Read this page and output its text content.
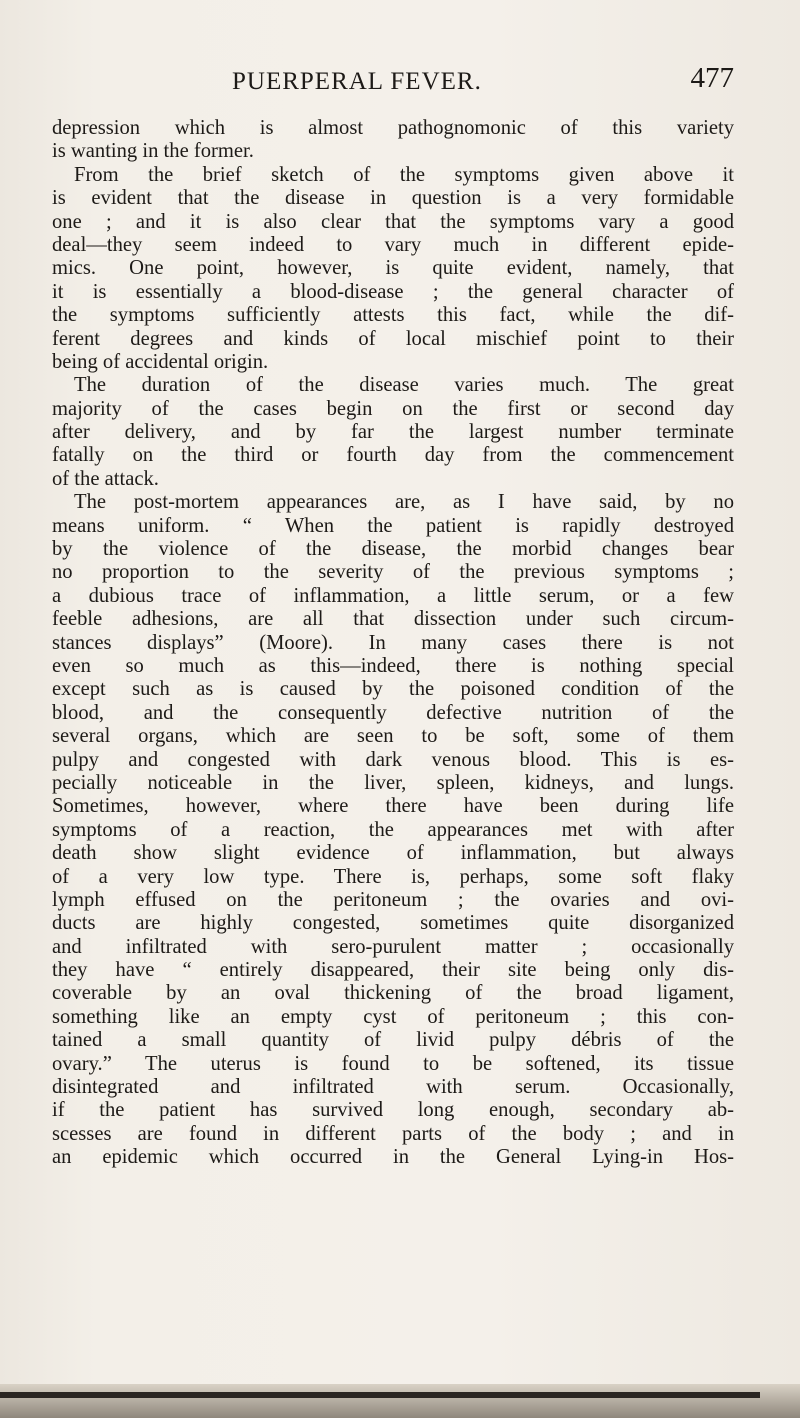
PUERPERAL FEVER.	477
depression which is almost pathognomonic of this variety
is wanting in the former.
From the brief sketch of the symptoms given above it
is evident that the disease in question is a very formidable
one ; and it is also clear that the symptoms vary a good
deal—they seem indeed to vary much in different epide-
mics. One point, however, is quite evident, namely, that
it is essentially a blood-disease ; the general character of
the symptoms sufficiently attests this fact, while the dif-
ferent degrees and kinds of local mischief point to their
being of accidental origin.
The duration of the disease varies much. The great
majority of the cases begin on the first or second day
after delivery, and by far the largest number terminate
fatally on the third or fourth day from the commencement
of the attack.
The post-mortem appearances are, as I have said, by no
means uniform. “ When the patient is rapidly destroyed
by the violence of the disease, the morbid changes bear
no proportion to the severity of the previous symptoms ;
a dubious trace of inflammation, a little serum, or a few
feeble adhesions, are all that dissection under such circum-
stances displays” (Moore). In many cases there is not
even so much as this—indeed, there is nothing special
except such as is caused by the poisoned condition of the
blood, and the consequently defective nutrition of the
several organs, which are seen to be soft, some of them
pulpy and congested with dark venous blood. This is es-
pecially noticeable in the liver, spleen, kidneys, and lungs.
Sometimes, however, where there have been during life
symptoms of a reaction, the appearances met with after
death show slight evidence of inflammation, but always
of a very low type. There is, perhaps, some soft flaky
lymph effused on the peritoneum ; the ovaries and ovi-
ducts are highly congested, sometimes quite disorganized
and infiltrated with sero-purulent matter ; occasionally
they have “ entirely disappeared, their site being only dis-
coverable by an oval thickening of the broad ligament,
something like an empty cyst of peritoneum ; this con-
tained a small quantity of livid pulpy débris of the
ovary.” The uterus is found to be softened, its tissue
disintegrated and infiltrated with serum. Occasionally,
if the patient has survived long enough, secondary ab-
scesses are found in different parts of the body ; and in
an epidemic which occurred in the General Lying-in Hos-
